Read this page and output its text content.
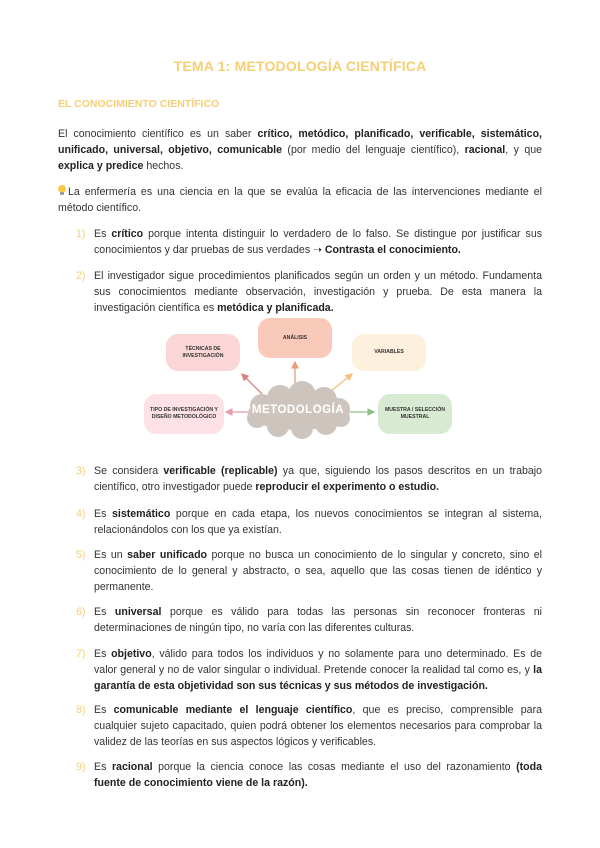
TEMA 1: METODOLOGÍA CIENTÍFICA
EL CONOCIMIENTO CIENTÍFICO
El conocimiento científico es un saber crítico, metódico, planificado, verificable, sistemático, unificado, universal, objetivo, comunicable (por medio del lenguaje científico), racional, y que explica y predice hechos.
La enfermería es una ciencia en la que se evalúa la eficacia de las intervenciones mediante el método científico.
1) Es crítico porque intenta distinguir lo verdadero de lo falso. Se distingue por justificar sus conocimientos y dar pruebas de sus verdades ➝ Contrasta el conocimiento.
2) El investigador sigue procedimientos planificados según un orden y un método. Fundamenta sus conocimientos mediante observación, investigación y prueba. De esta manera la investigación científica es metódica y planificada.
METODOLOGÍA
TÉCNICAS DE INVESTIGACIÓN
ANÁLISIS
VARIABLES
TIPO DE INVESTIGACIÓN Y DISEÑO METODOLÓGICO
MUESTRA / SELECCIÓN MUESTRAL
3) Se considera verificable (replicable) ya que, siguiendo los pasos descritos en un trabajo científico, otro investigador puede reproducir el experimento o estudio.
4) Es sistemático porque en cada etapa, los nuevos conocimientos se integran al sistema, relacionándolos con los que ya existían.
5) Es un saber unificado porque no busca un conocimiento de lo singular y concreto, sino el conocimiento de lo general y abstracto, o sea, aquello que las cosas tienen de idéntico y permanente.
6) Es universal porque es válido para todas las personas sin reconocer fronteras ni determinaciones de ningún tipo, no varía con las diferentes culturas.
7) Es objetivo, válido para todos los individuos y no solamente para uno determinado. Es de valor general y no de valor singular o individual. Pretende conocer la realidad tal como es, y la garantía de esta objetividad son sus técnicas y sus métodos de investigación.
8) Es comunicable mediante el lenguaje científico, que es preciso, comprensible para cualquier sujeto capacitado, quien podrá obtener los elementos necesarios para comprobar la validez de las teorías en sus aspectos lógicos y verificables.
9) Es racional porque la ciencia conoce las cosas mediante el uso del razonamiento (toda fuente de conocimiento viene de la razón).
